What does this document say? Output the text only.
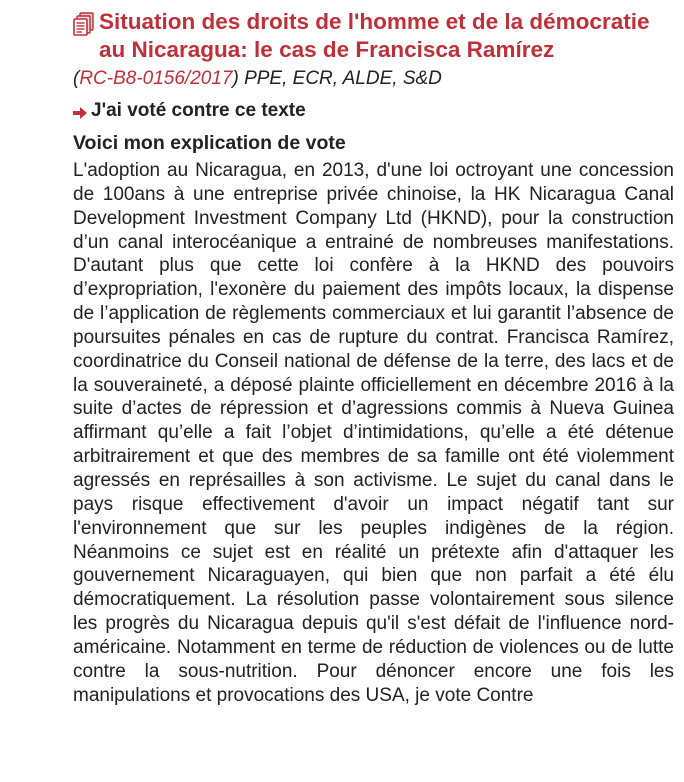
Situation des droits de l'homme et de la démocratie au Nicaragua: le cas de Francisca Ramírez
(RC-B8-0156/2017) PPE, ECR, ALDE, S&D
J'ai voté contre ce texte
Voici mon explication de vote

L'adoption au Nicaragua, en 2013, d'une loi octroyant une concession de 100ans à une entreprise privée chinoise, la HK Nicaragua Canal Development Investment Company Ltd (HKND), pour la construction d’un canal interocéanique a entrainé de nombreuses manifestations. D'autant plus que cette loi confère à la HKND des pouvoirs d’expropriation, l'exonère du paiement des impôts locaux, la dispense de l’application de règlements commerciaux et lui garantit l’absence de poursuites pénales en cas de rupture du contrat. Francisca Ramírez, coordinatrice du Conseil national de défense de la terre, des lacs et de la souveraineté, a déposé plainte officiellement en décembre 2016 à la suite d’actes de répression et d’agressions commis à Nueva Guinea affirmant qu’elle a fait l’objet d’intimidations, qu’elle a été détenue arbitrairement et que des membres de sa famille ont été violemment agressés en représailles à son activisme. Le sujet du canal dans le pays risque effectivement d'avoir un impact négatif tant sur l'environnement que sur les peuples indigènes de la région. Néanmoins ce sujet est en réalité un prétexte afin d'attaquer les gouvernement Nicaraguayen, qui bien que non parfait a été élu démocratiquement. La résolution passe volontairement sous silence les progrès du Nicaragua depuis qu'il s'est défait de l'influence nord-américaine. Notamment en terme de réduction de violences ou de lutte contre la sous-nutrition. Pour dénoncer encore une fois les manipulations et provocations des USA, je vote Contre
